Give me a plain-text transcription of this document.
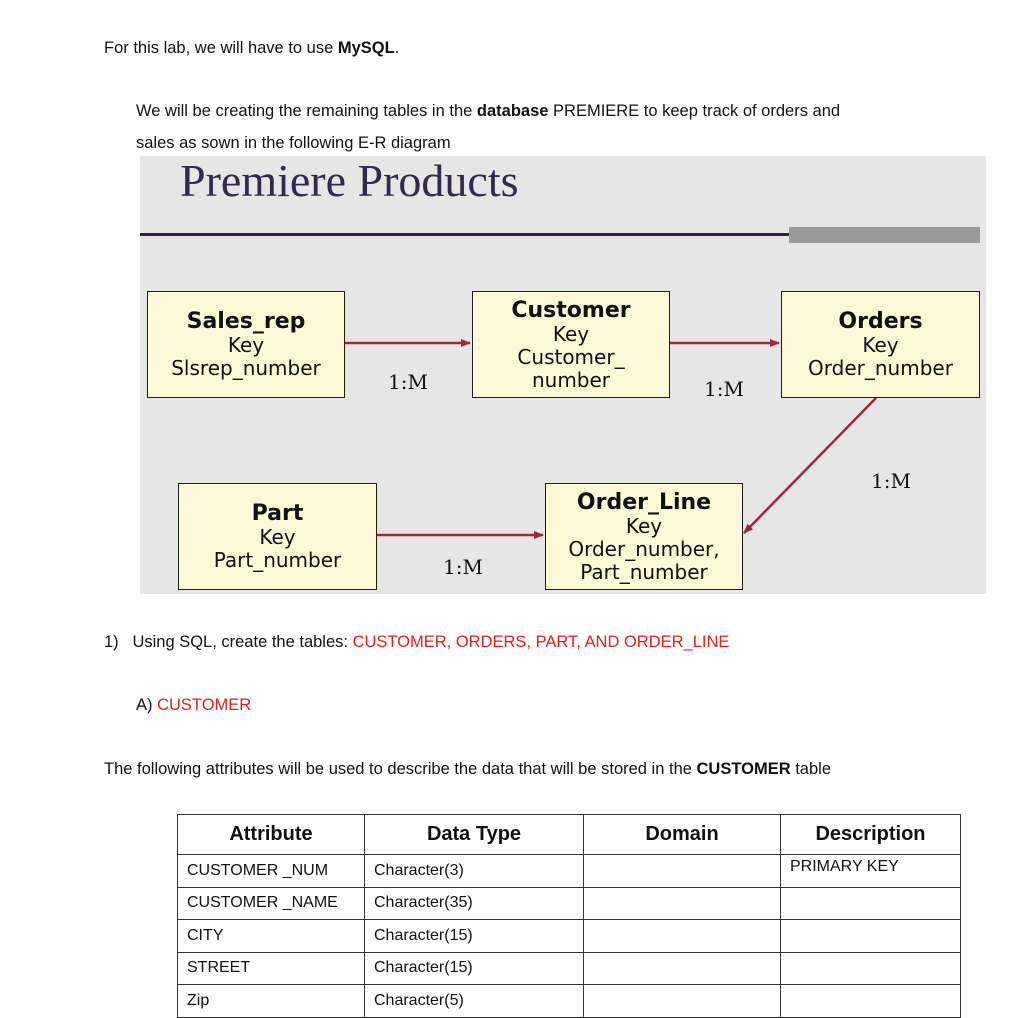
For this lab, we will have to use MySQL.
We will be creating the remaining tables in the database PREMIERE to keep track of orders and
sales as sown in the following E-R diagram
Premiere Products
Sales_rep
Key
Slsrep_number
Customer
Key
Customer_
number
Orders
Key
Order_number
Part
Key
Part_number
Order_Line
Key
Order_number,
Part_number
1:M	1:M
1:M
1:M
1) Using SQL, create the tables: CUSTOMER, ORDERS, PART, AND ORDER_LINE
A) CUSTOMER
The following attributes will be used to describe the data that will be stored in the CUSTOMER table
Attribute	Data Type	Domain	Description
CUSTOMER _NUM	Character(3)		PRIMARY KEY
CUSTOMER _NAME	Character(35)		
CITY	Character(15)		
STREET	Character(15)		
Zip	Character(5)		
